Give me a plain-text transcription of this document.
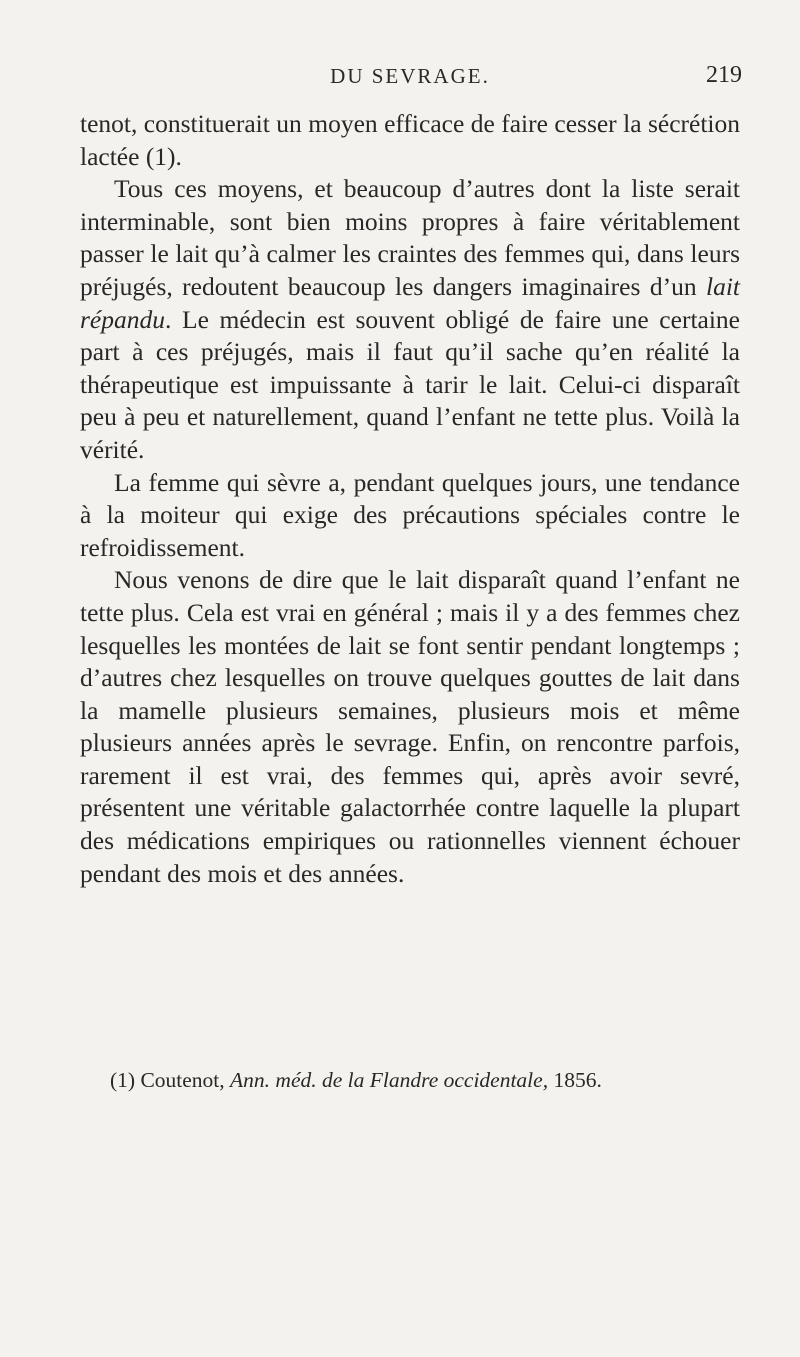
DU SEVRAGE.	219

tenot, constituerait un moyen efficace de faire cesser la sécrétion lactée (1).

Tous ces moyens, et beaucoup d’autres dont la liste serait interminable, sont bien moins propres à faire véritablement passer le lait qu’à calmer les craintes des femmes qui, dans leurs préjugés, redoutent beaucoup les dangers imaginaires d’un lait répandu. Le médecin est souvent obligé de faire une certaine part à ces préjugés, mais il faut qu’il sache qu’en réalité la thérapeutique est impuissante à tarir le lait. Celui-ci disparaît peu à peu et naturellement, quand l’enfant ne tette plus. Voilà la vérité.

La femme qui sèvre a, pendant quelques jours, une tendance à la moiteur qui exige des précautions spéciales contre le refroidissement.

Nous venons de dire que le lait disparaît quand l’enfant ne tette plus. Cela est vrai en général ; mais il y a des femmes chez lesquelles les montées de lait se font sentir pendant longtemps ; d’autres chez lesquelles on trouve quelques gouttes de lait dans la mamelle plusieurs semaines, plusieurs mois et même plusieurs années après le sevrage. Enfin, on rencontre parfois, rarement il est vrai, des femmes qui, après avoir sevré, présentent une véritable galactorrhée contre laquelle la plupart des médications empiriques ou rationnelles viennent échouer pendant des mois et des années.

(1) Coutenot, Ann. méd. de la Flandre occidentale, 1856.
